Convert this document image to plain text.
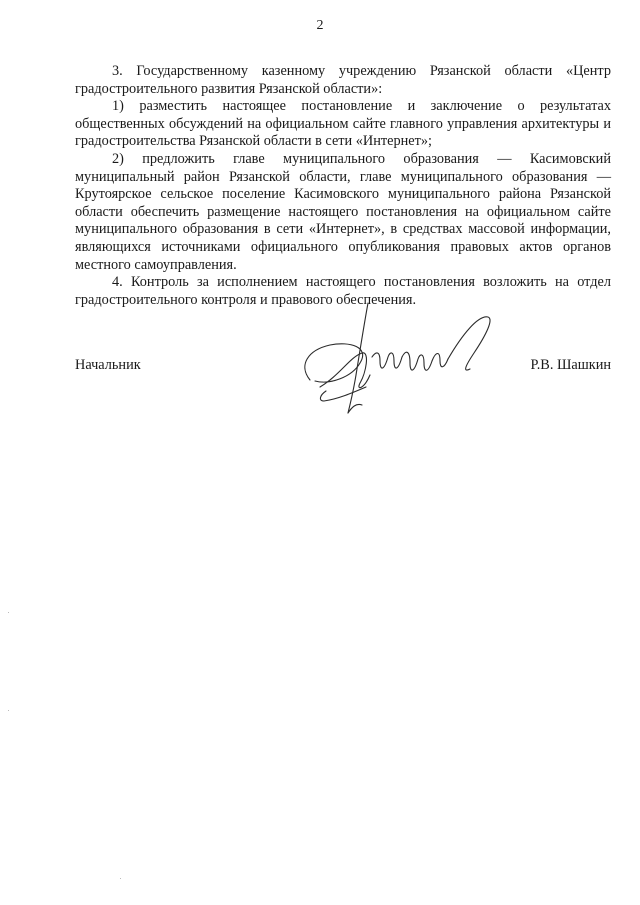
2

3. Государственному казенному учреждению Рязанской области «Центр градостроительного развития Рязанской области»:

1) разместить настоящее постановление и заключение о результатах общественных обсуждений на официальном сайте главного управления архитектуры и градостроительства Рязанской области в сети «Интернет»;

2) предложить главе муниципального образования — Касимовский муниципальный район Рязанской области, главе муниципального образования — Крутоярское сельское поселение Касимовского муниципального района Рязанской области обеспечить размещение настоящего постановления на официальном сайте муниципального образования в сети «Интернет», в средствах массовой информации, являющихся источниками официального опубликования правовых актов органов местного самоуправления.

4. Контроль за исполнением настоящего постановления возложить на отдел градостроительного контроля и правового обеспечения.

Начальник	Р.В. Шашкин
